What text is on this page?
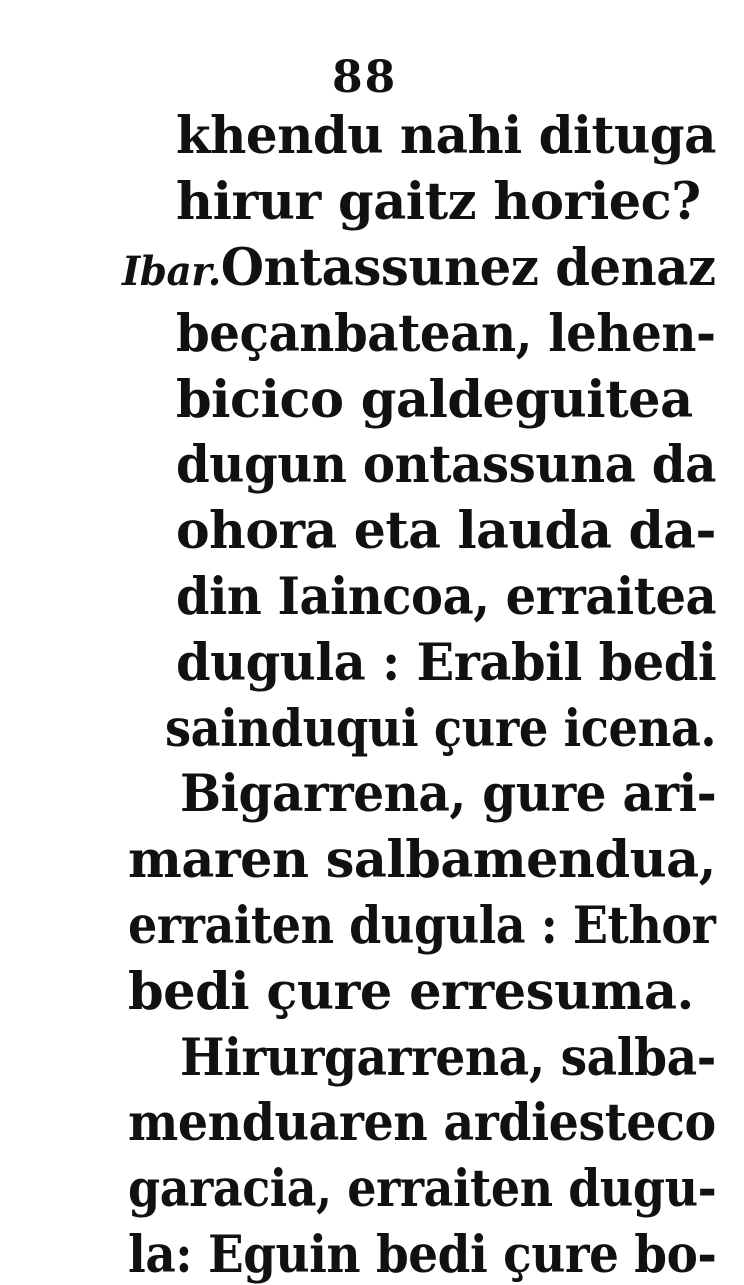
88
khendu nahi dituga
hirur gaitz horiec?
Ibar.Ontassunez denaz
beçanbatean, lehen-
bicico galdeguitea
dugun ontassuna da
ohora eta lauda da-
din Iaincoa, erraitea
dugula : Erabil bedi
sainduqui çure icena.
Bigarrena, gure ari-
maren salbamendua,
erraiten dugula : Ethor
bedi çure erresuma.
Hirurgarrena, salba-
menduaren ardiesteco
garacia, erraiten dugu-
la: Eguin bedi çure bo-
